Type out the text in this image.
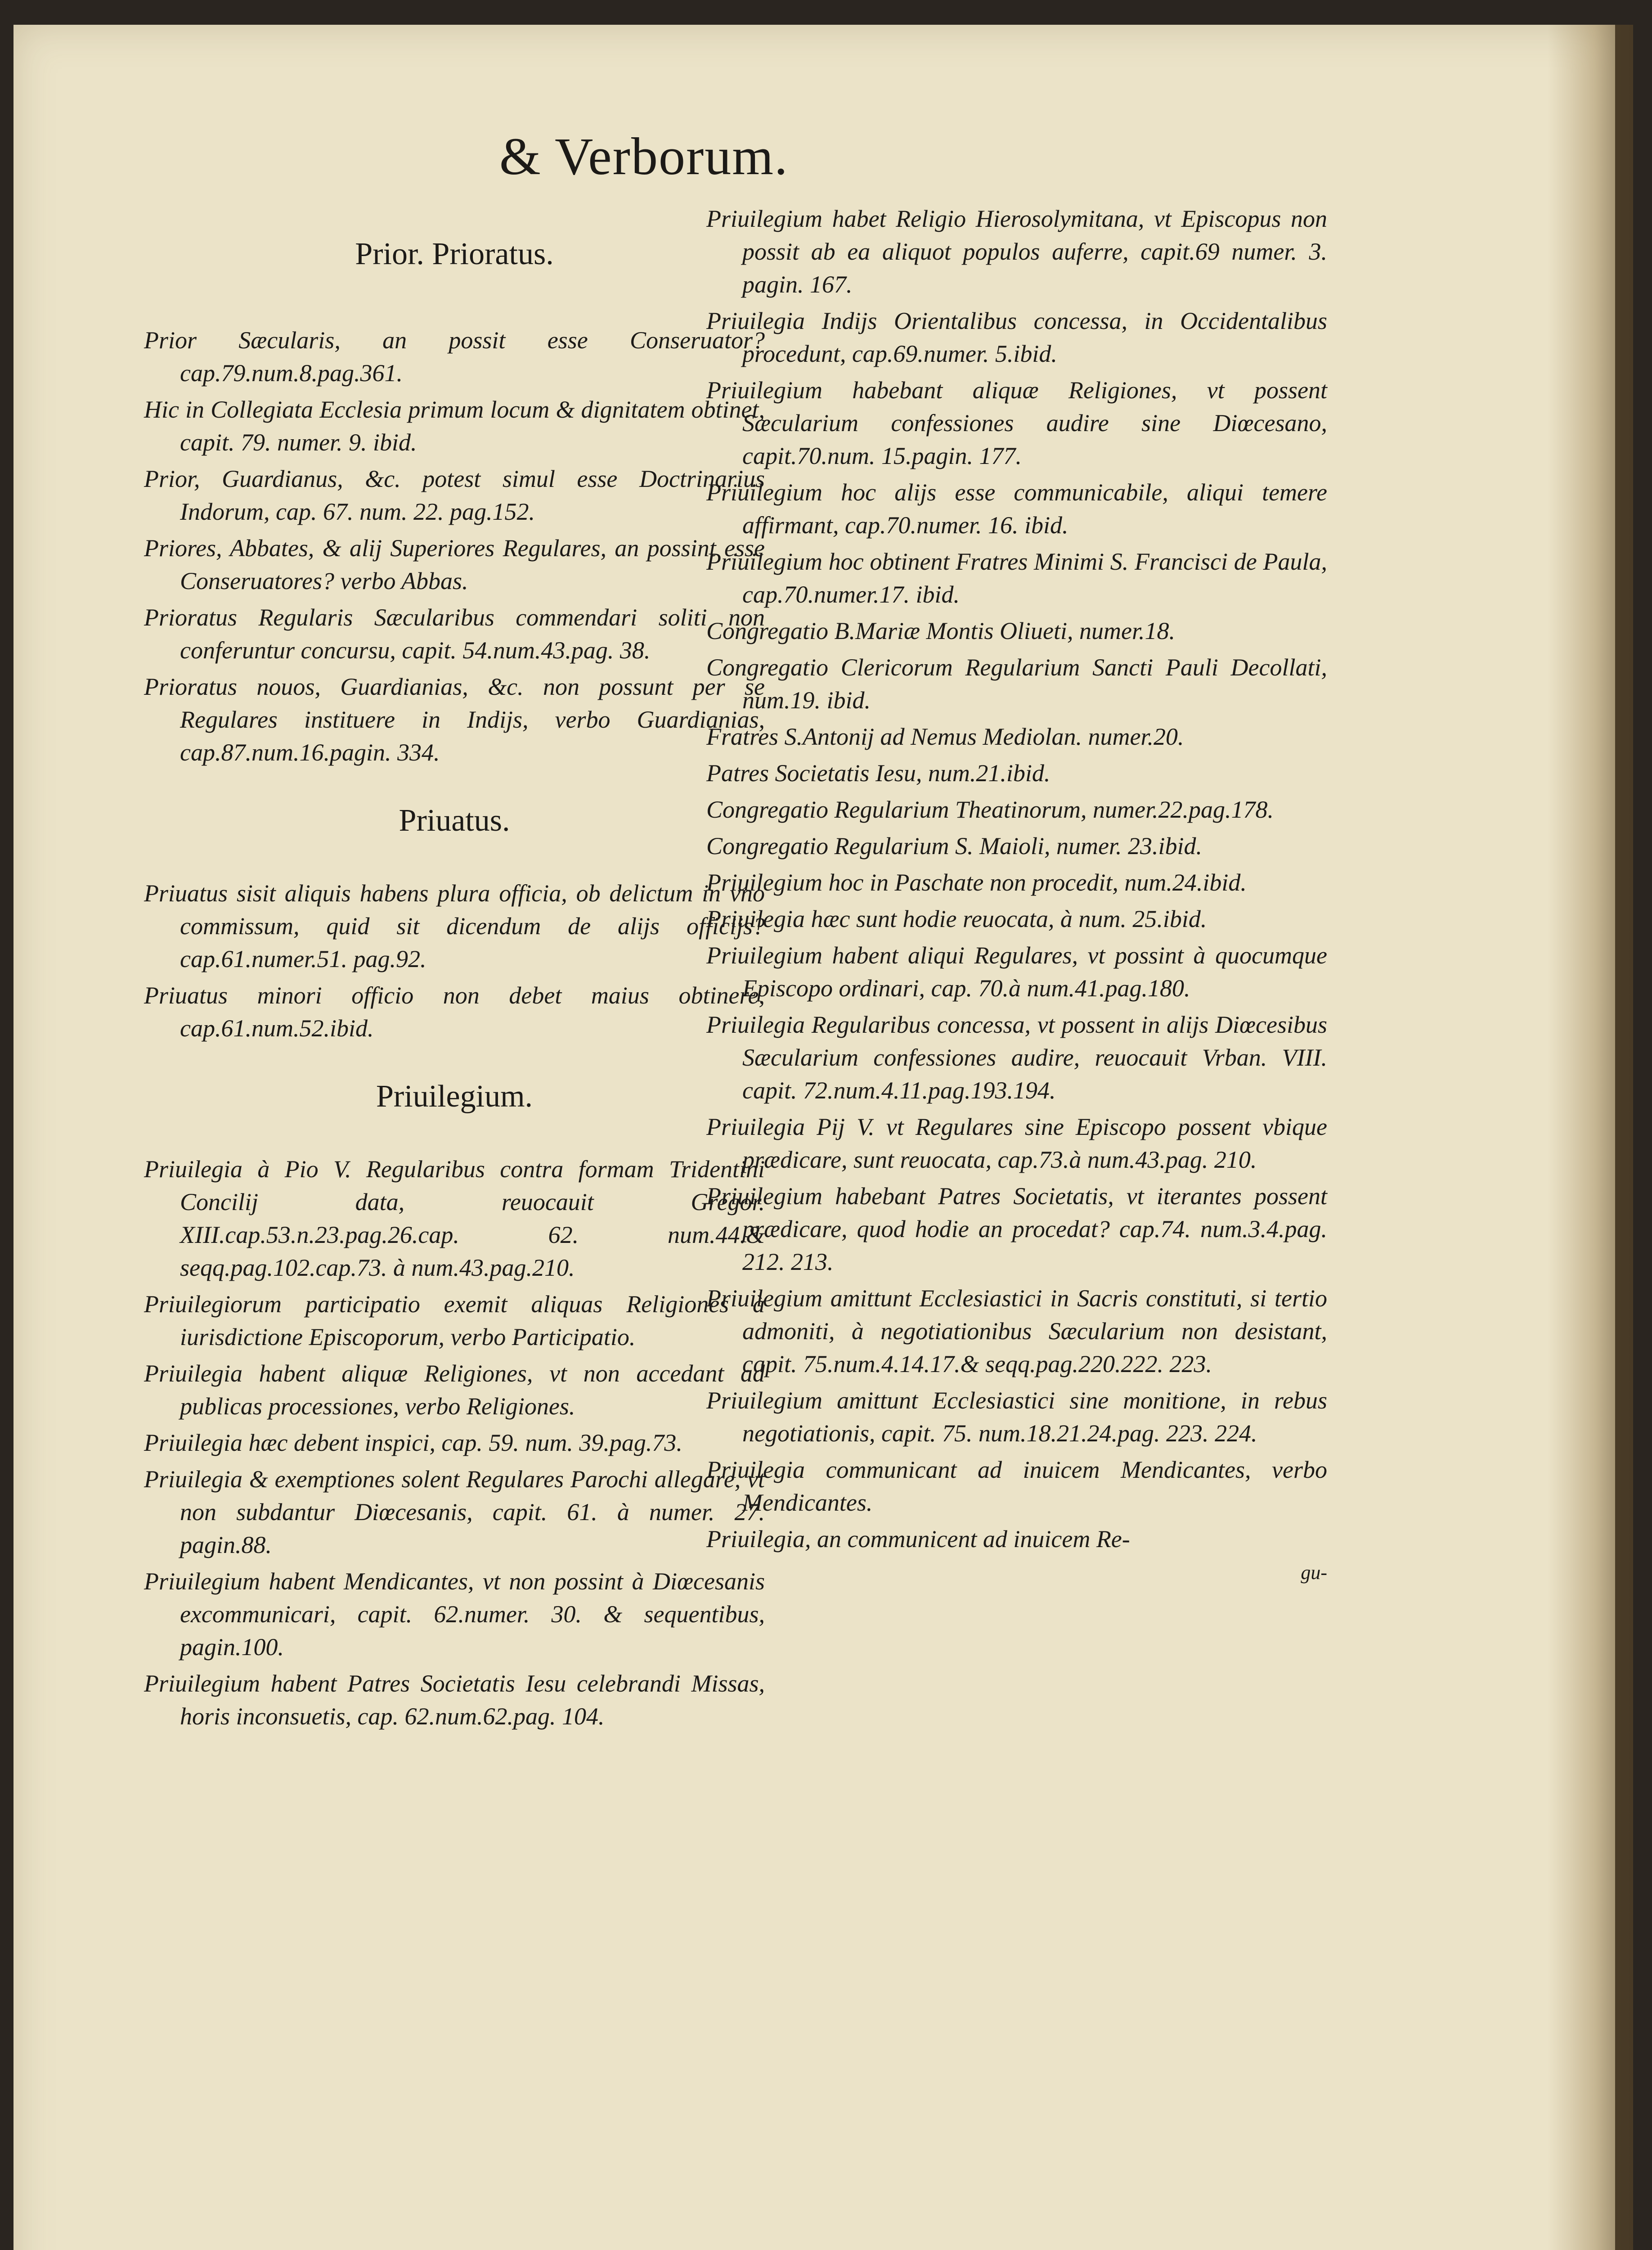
& Verborum.
Prior. Prioratus.

Prior Sæcularis, an possit esse Conseruator? cap.79.num.8.pag.361.

Hic in Collegiata Ecclesia primum locum & dignitatem obtinet, capit. 79. numer. 9. ibid.

Prior, Guardianus, &c. potest simul esse Doctrinarius Indorum, cap. 67. num. 22. pag.152.

Priores, Abbates, & alij Superiores Regulares, an possint esse Conseruatores? verbo Abbas.

Prioratus Regularis Sæcularibus commendari soliti non conferuntur concursu, capit. 54.num.43.pag. 38.

Prioratus nouos, Guardianias, &c. non possunt per se Regulares instituere in Indijs, verbo Guardianias, cap.87.num.16.pagin. 334.

Priuatus.

Priuatus sisit aliquis habens plura officia, ob delictum in vno commissum, quid sit dicendum de alijs officijs? cap.61.numer.51. pag.92.

Priuatus minori officio non debet maius obtinere, cap.61.num.52.ibid.

Priuilegium.

Priuilegia à Pio V. Regularibus contra formam Tridentini Concilij data, reuocauit Gregor. XIII.cap.53.n.23.pag.26.cap. 62. num.44.& seqq.pag.102.cap.73. à num.43.pag.210.

Priuilegiorum participatio exemit aliquas Religiones à iurisdictione Episcoporum, verbo Participatio.

Priuilegia habent aliquæ Religiones, vt non accedant ad publicas processiones, verbo Religiones.

Priuilegia hæc debent inspici, cap. 59. num. 39.pag.73.

Priuilegia & exemptiones solent Regulares Parochi allegare, vt non subdantur Diœcesanis, capit. 61. à numer. 27. pagin.88.

Priuilegium habent Mendicantes, vt non possint à Diœcesanis excommunicari, capit. 62.numer. 30. & sequentibus, pagin.100.

Priuilegium habent Patres Societatis Iesu celebrandi Missas, horis inconsuetis, cap. 62.num.62.pag. 104.

Priuilegium habet Religio Hierosolymitana, vt Episcopus non possit ab ea aliquot populos auferre, capit.69 numer. 3. pagin. 167.

Priuilegia Indijs Orientalibus concessa, in Occidentalibus procedunt, cap.69.numer. 5.ibid.

Priuilegium habebant aliquæ Religiones, vt possent Sæcularium confessiones audire sine Diœcesano, capit.70.num. 15.pagin. 177.

Priuilegium hoc alijs esse communicabile, aliqui temere affirmant, cap.70.numer. 16. ibid.

Priuilegium hoc obtinent Fratres Minimi S. Francisci de Paula, cap.70.numer.17. ibid.

Congregatio B.Mariæ Montis Oliueti, numer.18.

Congregatio Clericorum Regularium Sancti Pauli Decollati, num.19. ibid.

Fratres S.Antonij ad Nemus Mediolan. numer.20.

Patres Societatis Iesu, num.21.ibid.

Congregatio Regularium Theatinorum, numer.22.pag.178.

Congregatio Regularium S. Maioli, numer. 23.ibid.

Priuilegium hoc in Paschate non procedit, num.24.ibid.

Priuilegia hæc sunt hodie reuocata, à num. 25.ibid.

Priuilegium habent aliqui Regulares, vt possint à quocumque Episcopo ordinari, cap. 70.à num.41.pag.180.

Priuilegia Regularibus concessa, vt possent in alijs Diœcesibus Sæcularium confessiones audire, reuocauit Vrban. VIII. capit. 72.num.4.11.pag.193.194.

Priuilegia Pij V. vt Regulares sine Episcopo possent vbique prædicare, sunt reuocata, cap.73.à num.43.pag. 210.

Priuilegium habebant Patres Societatis, vt iterantes possent prædicare, quod hodie an procedat? cap.74. num.3.4.pag. 212. 213.

Priuilegium amittunt Ecclesiastici in Sacris constituti, si tertio admoniti, à negotiationibus Sæcularium non desistant, capit. 75.num.4.14.17.& seqq.pag.220.222. 223.

Priuilegium amittunt Ecclesiastici sine monitione, in rebus negotiationis, capit. 75. num.18.21.24.pag. 223. 224.

Priuilegia communicant ad inuicem Mendicantes, verbo Mendicantes.

Priuilegia, an communicent ad inuicem Re-

gu-
